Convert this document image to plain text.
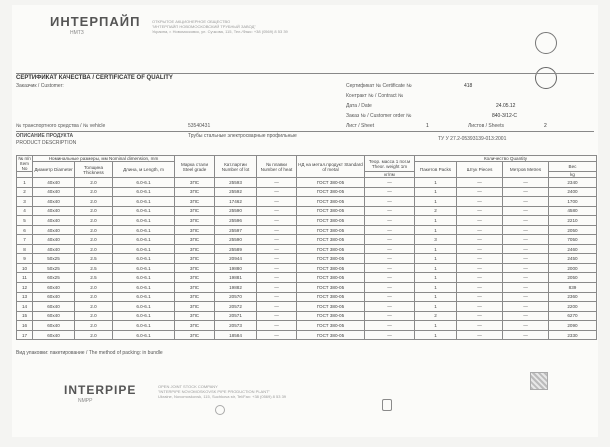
ИНТЕРПАЙП
НМТЗ
ОТКРЫТОЕ АКЦИОНЕРНОЕ ОБЩЕСТВО
"ИНТЕРПАЙП НОВОМОСКОВСКИЙ ТРУБНЫЙ ЗАВОД"
Украина, г. Новомосковск, ул. Сучкова, 115, Тел./Факс: +38 (0569) 8 53 39
СЕРТИФИКАТ КАЧЕСТВА / CERTIFICATE OF QUALITY
Заказчик / Customer:	Сертификат № Certificate №	418
Контракт № / Contract №
Дата / Date	24.05.12
Заказ № / Customer order №	840-3/12-С
Лист / Sheet	1	Листов / Sheets	2
№ транспортного средства / № vehicle	53540431
ОПИСАНИЕ ПРОДУКТА
PRODUCT DESCRIPTION
Трубы стальные электросварные профильные	ТУ У 27.2-05393139-013:2001
№ п/п Item No	Номинальные размеры, мм Nominal dimension, mm			Марка стали Steel grade	Кат.партии Number of lot	№ плавки Number of heat	НД на метал.продукт Standard of metal	Теор. масса 1 пог.м Theor. weight 1m	Количество Quantity			
	Диаметр Diameter	Толщина Thickness	Длина, м Length, m						Пакетов Packs	Штук Pieces	Метров Metres	Вес
								кг/пм				kg
1	40х40	2.0	6.0-6.1	3ПС	25593	—	ГОСТ 380-05	—	1	—	—	2340
2	40х40	2.0	6.0-6.1	3ПС	25592	—	ГОСТ 380-05	—	1	—	—	2400
3	40х40	2.0	6.0-6.1	3ПС	17462	—	ГОСТ 380-05	—	1	—	—	1700
4	40х40	2.0	6.0-6.1	3ПС	25590	—	ГОСТ 380-05	—	2	—	—	4580
5	40х40	2.0	6.0-6.1	3ПС	25596	—	ГОСТ 380-05	—	1	—	—	2210
6	40х40	2.0	6.0-6.1	3ПС	25597	—	ГОСТ 380-05	—	1	—	—	2050
7	40х40	2.0	6.0-6.1	3ПС	25590	—	ГОСТ 380-05	—	3	—	—	7050
8	40х40	2.0	6.0-6.1	3ПС	25589	—	ГОСТ 380-05	—	1	—	—	2460
9	50х25	2.5	6.0-6.1	3ПС	20944	—	ГОСТ 380-05	—	1	—	—	2450
10	50х25	2.5	6.0-6.1	3ПС	19880	—	ГОСТ 380-05	—	1	—	—	2000
11	60х25	2.5	6.0-6.1	3ПС	19881	—	ГОСТ 380-05	—	1	—	—	2050
12	60х40	2.0	6.0-6.1	3ПС	19882	—	ГОСТ 380-05	—	1	—	—	839
13	60х40	2.0	6.0-6.1	3ПС	20570	—	ГОСТ 380-05	—	1	—	—	2360
14	60х40	2.0	6.0-6.1	3ПС	20572	—	ГОСТ 380-05	—	1	—	—	2200
15	60х40	2.0	6.0-6.1	3ПС	20571	—	ГОСТ 380-05	—	2	—	—	6270
16	60х40	2.0	6.0-6.1	3ПС	20573	—	ГОСТ 380-05	—	1	—	—	2090
17	60х40	2.0	6.0-6.1	3ПС	18584	—	ГОСТ 380-05	—	1	—	—	2330
Вид упаковки: пакетирование / The method of packing: in bundle
INTERPIPE
NMPP
OPEN JOINT STOCK COMPANY
"INTERPIPE NOVOMOSKOVSK PIPE PRODUCTION PLANT"
Ukraine, Novomoskovsk, 115, Suchkova str, Tel/Fax: +38 (0569) 8 53 39
